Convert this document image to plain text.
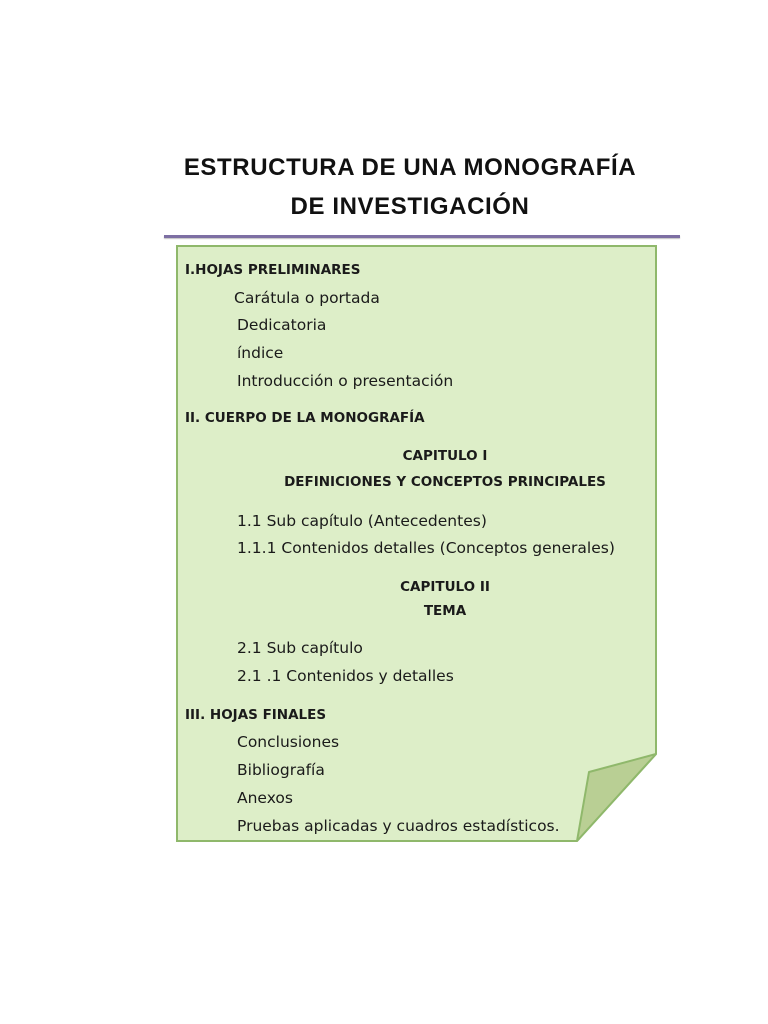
ESTRUCTURA DE UNA MONOGRAFÍA
DE INVESTIGACIÓN
I.HOJAS PRELIMINARES
Carátula o portada
Dedicatoria
índice
Introducción o presentación
II. CUERPO DE LA MONOGRAFÍA
CAPITULO I
DEFINICIONES Y CONCEPTOS PRINCIPALES
1.1 Sub capítulo (Antecedentes)
1.1.1 Contenidos detalles (Conceptos generales)
CAPITULO II
TEMA
2.1 Sub capítulo
2.1 .1 Contenidos y detalles
III. HOJAS FINALES
Conclusiones
Bibliografía
Anexos
Pruebas aplicadas y cuadros estadísticos.
